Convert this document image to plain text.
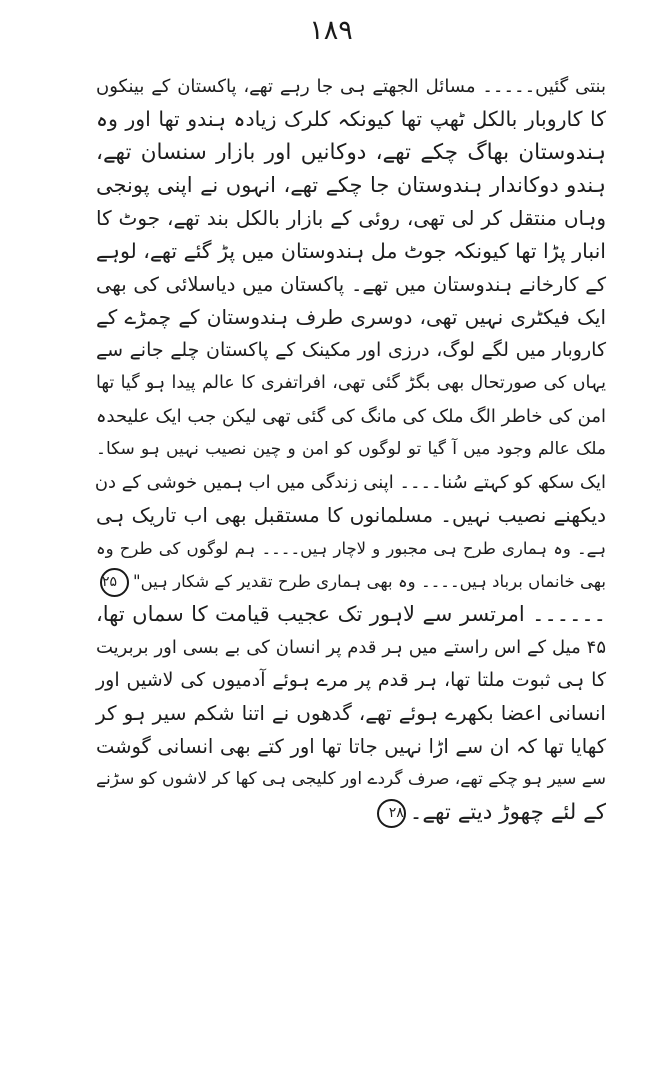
۱۸۹
بنتی گئیں۔۔۔۔۔ مسائل الجھتے ہی جا رہے تھے، پاکستان کے بینکوں
کا کاروبار بالکل ٹھپ تھا کیونکہ کلرک زیادہ ہندو تھا اور وہ
ہندوستان بھاگ چکے تھے، دوکانیں اور بازار سنسان تھے،
ہندو دوکاندار ہندوستان جا چکے تھے، انہوں نے اپنی پونجی
وہاں منتقل کر لی تھی، روئی کے بازار بالکل بند تھے، جوٹ کا
انبار پڑا تھا کیونکہ جوٹ مل ہندوستان میں پڑ گئے تھے، لوہے
کے کارخانے ہندوستان میں تھے۔ پاکستان میں دیاسلائی کی بھی
ایک فیکٹری نہیں تھی، دوسری طرف ہندوستان کے چمڑے کے
کاروبار میں لگے لوگ، درزی اور مکینک کے پاکستان چلے جانے سے
یہاں کی صورتحال بھی بگڑ گئی تھی، افراتفری کا عالم پیدا ہو گیا تھا
امن کی خاطر الگ ملک کی مانگ کی گئی تھی لیکن جب ایک علیحدہ
ملک عالم وجود میں آ گیا تو لوگوں کو امن و چین نصیب نہیں ہو سکا۔
ایک سکھ کو کہتے سُنا۔۔۔۔ اپنی زندگی میں اب ہمیں خوشی کے دن
دیکھنے نصیب نہیں۔ مسلمانوں کا مستقبل بھی اب تاریک ہی
ہے۔ وہ ہماری طرح ہی مجبور و لاچار ہیں۔۔۔۔ ہم لوگوں کی طرح وہ
بھی خانماں برباد ہیں۔۔۔۔ وہ بھی ہماری طرح تقدیر کے شکار ہیں"۲۵
۔۔۔۔۔۔ امرتسر سے لاہور تک عجیب قیامت کا سماں تھا،
۴۵ میل کے اس راستے میں ہر قدم پر انسان کی بے بسی اور بربریت
کا ہی ثبوت ملتا تھا، ہر قدم پر مرے ہوئے آدمیوں کی لاشیں اور
انسانی اعضا بکھرے ہوئے تھے، گدھوں نے اتنا شکم سیر ہو کر
کھایا تھا کہ ان سے اڑا نہیں جاتا تھا اور کتے بھی انسانی گوشت
سے سیر ہو چکے تھے، صرف گردے اور کلیجی ہی کھا کر لاشوں کو سڑنے
کے لئے چھوڑ دیتے تھے۔۲۸
